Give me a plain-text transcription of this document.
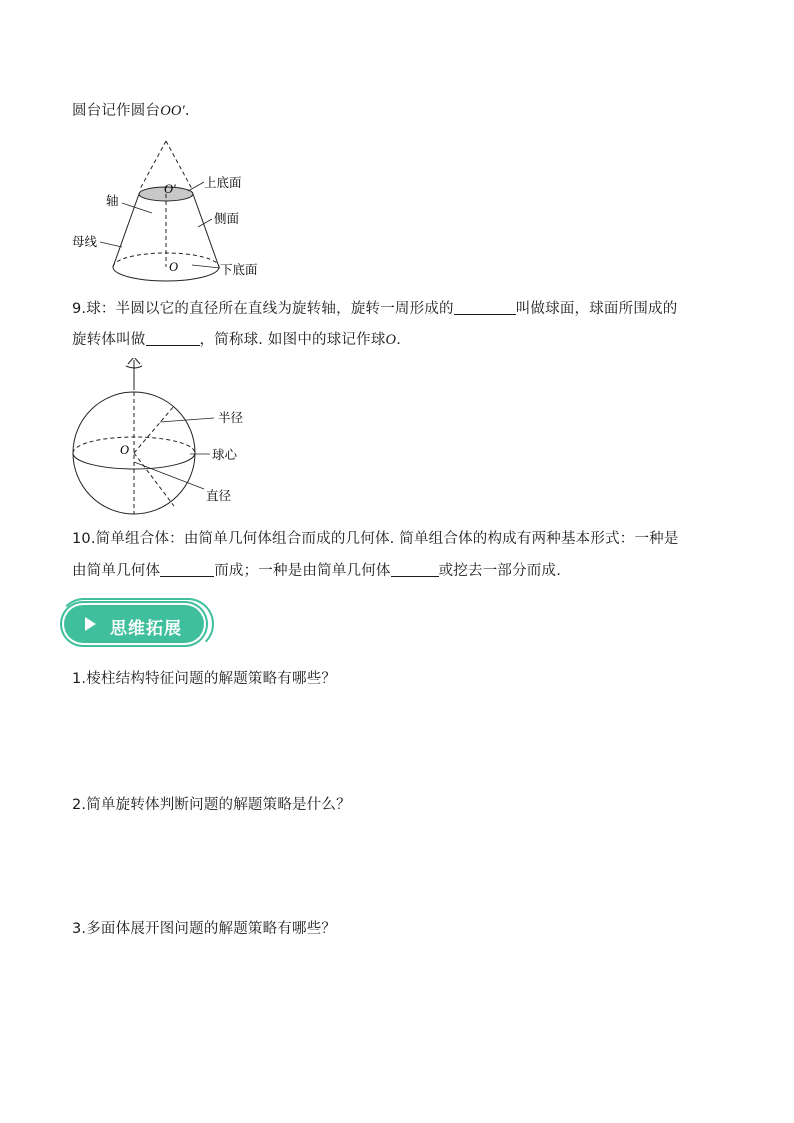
圆台记作圆台OO′.
O′
O
轴
母线
上底面
侧面
下底面
9.球：半圆以它的直径所在直线为旋转轴，旋转一周形成的	叫做球面，球面所围成的
旋转体叫做	，简称球. 如图中的球记作球O.
O
半径
球心
直径
10.简单组合体：由简单几何体组合而成的几何体. 简单组合体的构成有两种基本形式：一种是
由简单几何体	而成；一种是由简单几何体	或挖去一部分而成.
思维拓展
1.棱柱结构特征问题的解题策略有哪些？
2.简单旋转体判断问题的解题策略是什么？
3.多面体展开图问题的解题策略有哪些？
